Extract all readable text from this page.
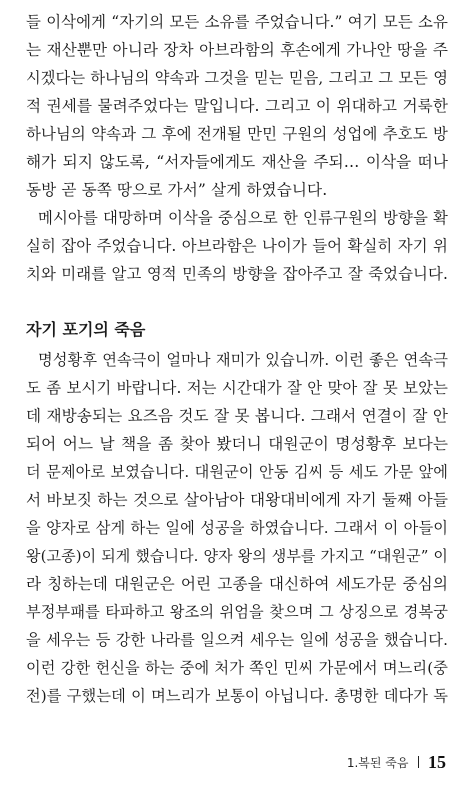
들 이삭에게 “자기의 모든 소유를 주었습니다.” 여기 모든 소유
는 재산뿐만 아니라 장차 아브라함의 후손에게 가나안 땅을 주
시겠다는 하나님의 약속과 그것을 믿는 믿음, 그리고 그 모든 영
적 권세를 물려주었다는 말입니다. 그리고 이 위대하고 거룩한
하나님의 약속과 그 후에 전개될 만민 구원의 성업에 추호도 방
해가 되지 않도록, “서자들에게도 재산을 주되… 이삭을 떠나
동방 곧 동쪽 땅으로 가서” 살게 하였습니다.
메시아를 대망하며 이삭을 중심으로 한 인류구원의 방향을 확
실히 잡아 주었습니다. 아브라함은 나이가 들어 확실히 자기 위
치와 미래를 알고 영적 민족의 방향을 잡아주고 잘 죽었습니다.
자기 포기의 죽음
명성황후 연속극이 얼마나 재미가 있습니까. 이런 좋은 연속극
도 좀 보시기 바랍니다. 저는 시간대가 잘 안 맞아 잘 못 보았는
데 재방송되는 요즈음 것도 잘 못 봅니다. 그래서 연결이 잘 안
되어 어느 날 책을 좀 찾아 봤더니 대원군이 명성황후 보다는
더 문제아로 보였습니다. 대원군이 안동 김씨 등 세도 가문 앞에
서 바보짓 하는 것으로 살아남아 대왕대비에게 자기 둘째 아들
을 양자로 삼게 하는 일에 성공을 하였습니다. 그래서 이 아들이
왕(고종)이 되게 했습니다. 양자 왕의 생부를 가지고 “대원군” 이
라 칭하는데 대원군은 어린 고종을 대신하여 세도가문 중심의
부정부패를 타파하고 왕조의 위엄을 찾으며 그 상징으로 경복궁
을 세우는 등 강한 나라를 일으켜 세우는 일에 성공을 했습니다.
이런 강한 헌신을 하는 중에 처가 쪽인 민씨 가문에서 며느리(중
전)를 구했는데 이 며느리가 보통이 아닙니다. 총명한 데다가 독
1.복된 죽음 15
